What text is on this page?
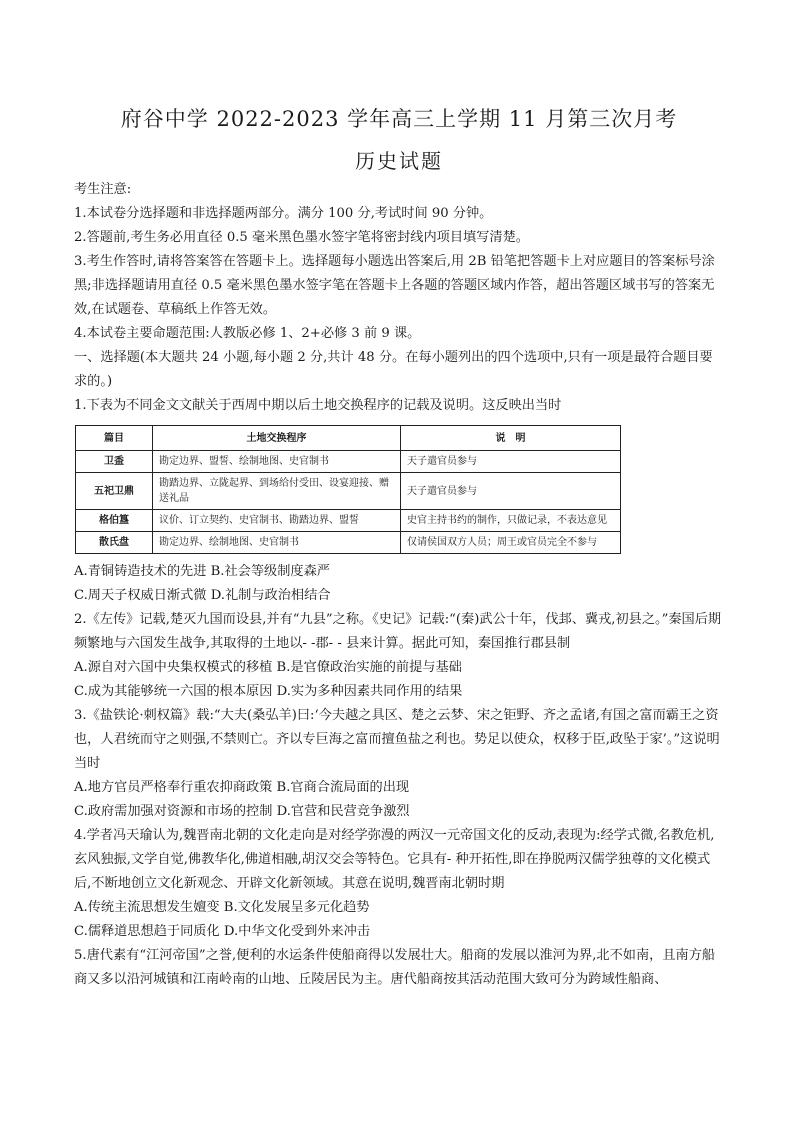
府谷中学 2022-2023 学年高三上学期 11 月第三次月考
历史试题

考生注意:

1.本试卷分选择题和非选择题两部分。满分 100 分,考试时间 90 分钟。

2.答题前,考生务必用直径 0.5 毫米黑色墨水签字笔将密封线内项目填写清楚。

3.考生作答时,请将答案答在答题卡上。选择题每小题选出答案后,用 2B 铅笔把答题卡上对应题目的答案标号涂黑;非选择题请用直径 0.5 毫米黑色墨水签字笔在答题卡上各题的答题区域内作答，超出答题区域书写的答案无效,在试题卷、草稿纸上作答无效。

4.本试卷主要命题范围:人教版必修 1、2+必修 3 前 9 课。

一、选择题(本大题共 24 小题,每小题 2 分,共计 48 分。在每小题列出的四个选项中,只有一项是最符合题目要求的。)

1.下表为不同金文文献关于西周中期以后土地交换程序的记载及说明。这反映出当时

篇目	土地交换程序	说　明
卫盉	勘定边界、盟誓、绘制地图、史官制书	天子遣官员参与
五祀卫鼎	勘踏边界、立陇起界、到场给付受田、设宴迎接、赠送礼品	天子遣官员参与
格伯簋	议价、订立契约、史官制书、勘踏边界、盟誓	史官主持书约的制作，只做记录，不表达意见
散氏盘	勘定边界、绘制地图、史官制书	仅请侯国双方人员；周王或官员完全不参与

A.青铜铸造技术的先进 B.社会等级制度森严

C.周天子权威日渐式微 D.礼制与政治相结合

2.《左传》记载,楚灭九国而设县,并有“九县”之称。《史记》记载:“(秦)武公十年，伐邽、冀戎,初县之。”秦国后期频繁地与六国发生战争,其取得的土地以- -郡- - 县来计算。据此可知，秦国推行郡县制

A.源自对六国中央集权模式的移植 B.是官僚政治实施的前提与基础

C.成为其能够统一六国的根本原因 D.实为多种因素共同作用的结果

3.《盐铁论·刺权篇》载:“大夫(桑弘羊)曰:‘今夫越之具区、楚之云梦、宋之钜野、齐之孟诸,有国之富而霸王之资也，人君统而守之则强,不禁则亡。齐以专巨海之富而擅鱼盐之利也。势足以使众，权移于臣,政坠于家’。”这说明当时

A.地方官员严格奉行重农抑商政策 B.官商合流局面的出现

C.政府需加强对资源和市场的控制 D.官营和民营竞争激烈

4.学者冯天瑜认为,魏晋南北朝的文化走向是对经学弥漫的两汉一元帝国文化的反动,表现为:经学式微,名教危机,玄风独振,文学自觉,佛教华化,佛道相融,胡汉交会等特色。它具有- 种开拓性,即在挣脱两汉儒学独尊的文化模式后,不断地创立文化新观念、开辟文化新领域。其意在说明,魏晋南北朝时期

A.传统主流思想发生嬗变 B.文化发展呈多元化趋势

C.儒释道思想趋于同质化 D.中华文化受到外来冲击

5.唐代素有“江河帝国”之誉,便利的水运条件使船商得以发展壮大。船商的发展以淮河为界,北不如南，且南方船商又多以沿河城镇和江南岭南的山地、丘陵居民为主。唐代船商按其活动范围大致可分为跨域性船商、
